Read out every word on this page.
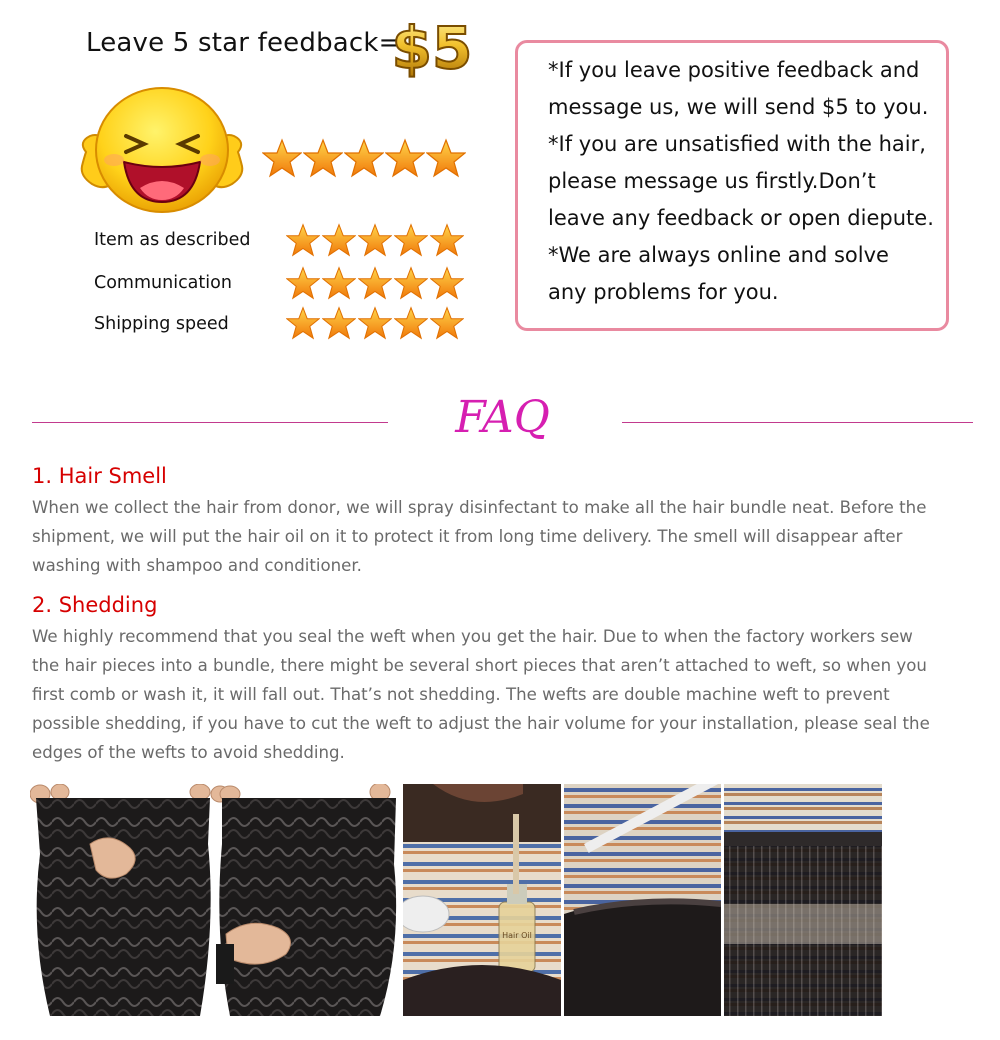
Leave 5 star feedback=
$5
Item as described
Communication
Shipping speed
*If you leave positive feedback and
message us, we will send $5 to you.
*If you are unsatisfied with the hair,
please message us firstly.Don’t
leave any feedback or open diepute.
*We are always online and solve
any problems for you.
FAQ
1. Hair Smell
When we collect the hair from donor, we will spray disinfectant to make all the hair bundle neat. Before the
shipment, we will put the hair oil on it to protect it from long time delivery. The smell will disappear after
washing with shampoo and conditioner.
2. Shedding
We highly recommend that you seal the weft when you get the hair. Due to when the factory workers sew
the hair pieces into a bundle, there might be several short pieces that aren’t attached to weft, so when you
first comb or wash it, it will fall out. That’s not shedding. The wefts are double machine weft to prevent
possible shedding, if you have to cut the weft to adjust the hair volume for your installation, please seal the
edges of the wefts to avoid shedding.
Hair Oil
